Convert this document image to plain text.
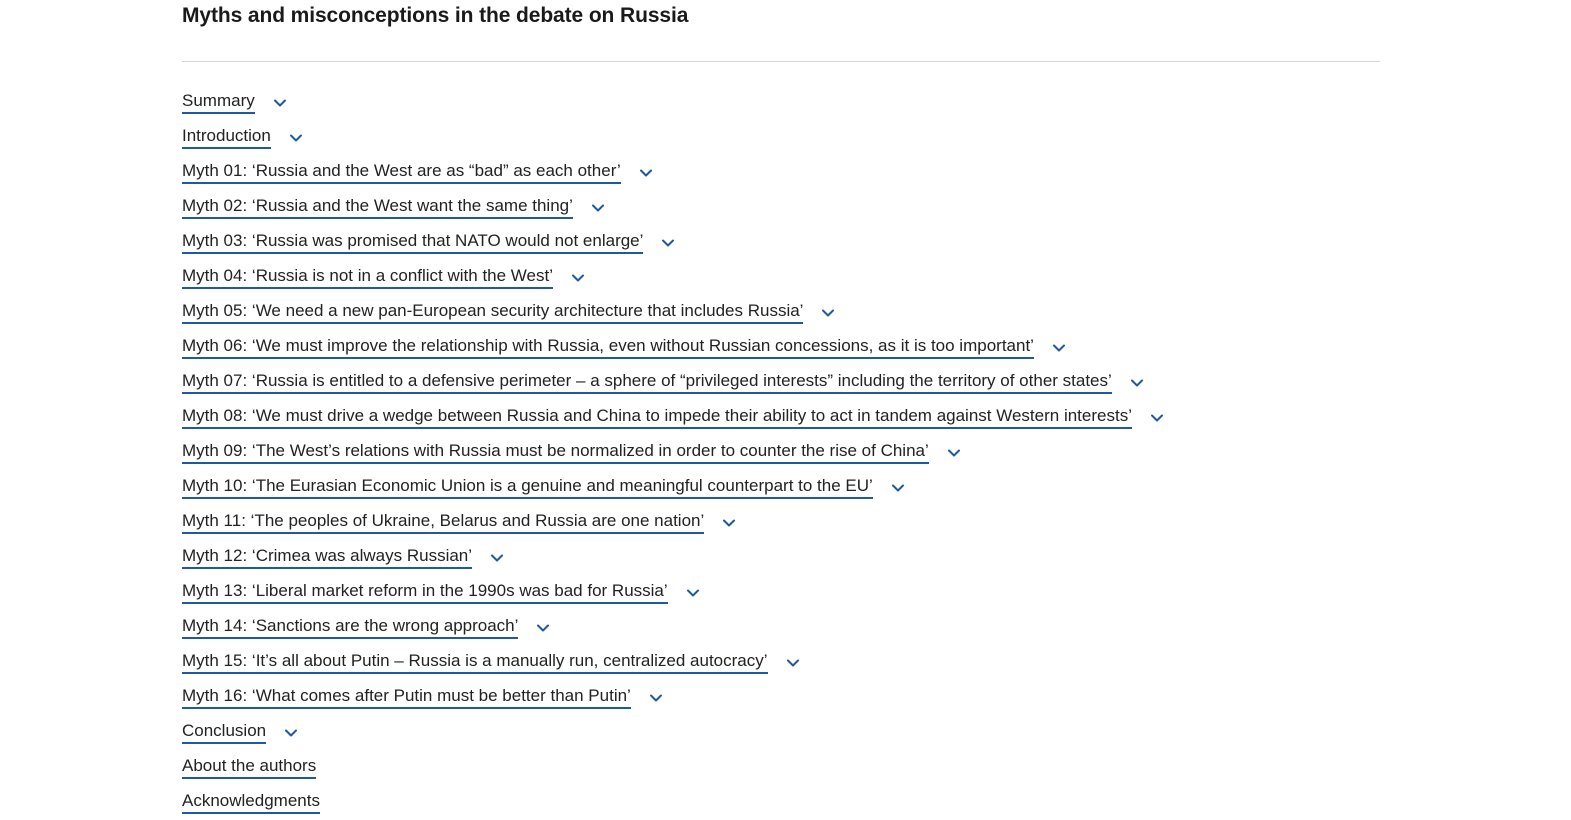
Myths and misconceptions in the debate on Russia
Summary
Introduction
Myth 01: ‘Russia and the West are as “bad” as each other’
Myth 02: ‘Russia and the West want the same thing’
Myth 03: ‘Russia was promised that NATO would not enlarge’
Myth 04: ‘Russia is not in a conflict with the West’
Myth 05: ‘We need a new pan-European security architecture that includes Russia’
Myth 06: ‘We must improve the relationship with Russia, even without Russian concessions, as it is too important’
Myth 07: ‘Russia is entitled to a defensive perimeter – a sphere of “privileged interests” including the territory of other states’
Myth 08: ‘We must drive a wedge between Russia and China to impede their ability to act in tandem against Western interests’
Myth 09: ‘The West’s relations with Russia must be normalized in order to counter the rise of China’
Myth 10: ‘The Eurasian Economic Union is a genuine and meaningful counterpart to the EU’
Myth 11: ‘The peoples of Ukraine, Belarus and Russia are one nation’
Myth 12: ‘Crimea was always Russian’
Myth 13: ‘Liberal market reform in the 1990s was bad for Russia’
Myth 14: ‘Sanctions are the wrong approach’
Myth 15: ‘It’s all about Putin – Russia is a manually run, centralized autocracy’
Myth 16: ‘What comes after Putin must be better than Putin’
Conclusion
About the authors
Acknowledgments
